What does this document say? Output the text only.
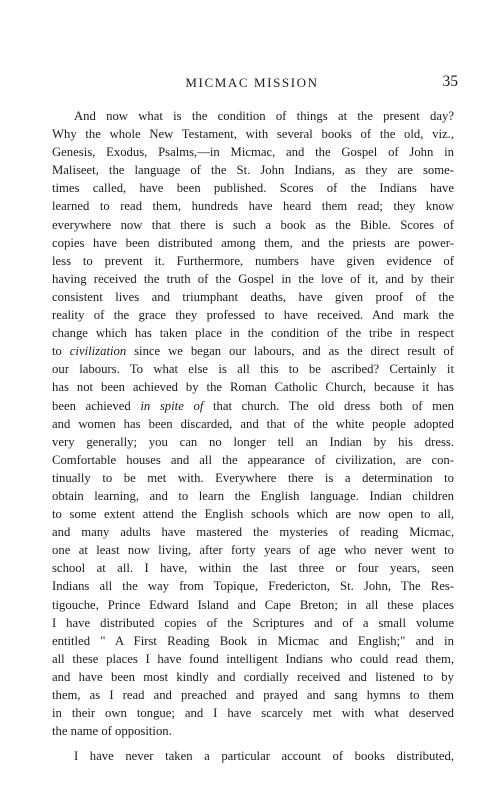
MICMAC MISSION	35
And now what is the condition of things at the present day?
Why the whole New Testament, with several books of the old, viz.,
Genesis, Exodus, Psalms,—in Micmac, and the Gospel of John in
Maliseet, the language of the St. John Indians, as they are some-
times called, have been published. Scores of the Indians have
learned to read them, hundreds have heard them read; they know
everywhere now that there is such a book as the Bible. Scores of
copies have been distributed among them, and the priests are power-
less to prevent it. Furthermore, numbers have given evidence of
having received the truth of the Gospel in the love of it, and by their
consistent lives and triumphant deaths, have given proof of the
reality of the grace they professed to have received. And mark the
change which has taken place in the condition of the tribe in respect
to civilization since we began our labours, and as the direct result of
our labours. To what else is all this to be ascribed? Certainly it
has not been achieved by the Roman Catholic Church, because it has
been achieved in spite of that church. The old dress both of men
and women has been discarded, and that of the white people adopted
very generally; you can no longer tell an Indian by his dress.
Comfortable houses and all the appearance of civilization, are con-
tinually to be met with. Everywhere there is a determination to
obtain learning, and to learn the English language. Indian children
to some extent attend the English schools which are now open to all,
and many adults have mastered the mysteries of reading Micmac,
one at least now living, after forty years of age who never went to
school at all. I have, within the last three or four years, seen
Indians all the way from Topique, Fredericton, St. John, The Res-
tigouche, Prince Edward Island and Cape Breton; in all these places
I have distributed copies of the Scriptures and of a small volume
entitled " A First Reading Book in Micmac and English;" and in
all these places I have found intelligent Indians who could read them,
and have been most kindly and cordially received and listened to by
them, as I read and preached and prayed and sang hymns to them
in their own tongue; and I have scarcely met with what deserved
the name of opposition.
I have never taken a particular account of books distributed,
